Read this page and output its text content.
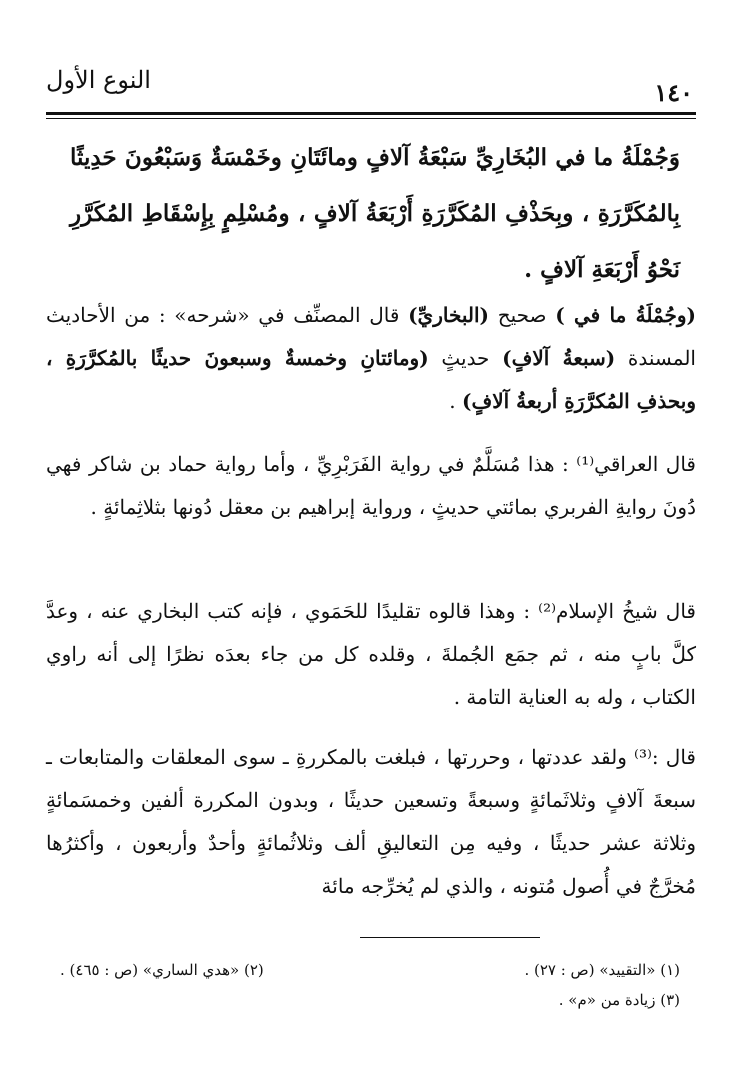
١٤٠
النوع الأول
وَجُمْلَةُ ما في البُخَارِيِّ سَبْعَةُ آلافٍ ومائَتَانِ وخَمْسَةٌ وَسَبْعُونَ حَدِيثًا بِالمُكَرَّرَةِ ، وبِحَذْفِ المُكَرَّرَةِ أَرْبَعَةُ آلافٍ ، ومُسْلِمٍ بِإِسْقَاطِ المُكَرَّرِ نَحْوُ أَرْبَعَةِ آلافٍ .
(وجُمْلَةُ ما في ) صحيح (البخاريِّ) قال المصنِّف في «شرحه» : من الأحاديث المسندة (سبعةُ آلافٍ) حديثٍ (ومائتانِ وخمسةٌ وسبعونَ حديثًا بالمُكرَّرَةِ ، وبحذفِ المُكرَّرَةِ أربعةُ آلافٍ) .
قال العراقي⁽¹⁾ : هذا مُسَلَّمٌ في رواية الفَرَبْرِيِّ ، وأما رواية حماد بن شاكر فهي دُونَ روايةِ الفربري بمائتي حديثٍ ، ورواية إبراهيم بن معقل دُونها بثلاثِمائةٍ .
قال شيخُ الإسلام⁽²⁾ : وهذا قالوه تقليدًا للحَمَوي ، فإنه كتب البخاري عنه ، وعدَّ كلَّ بابٍ منه ، ثم جمَع الجُملةَ ، وقلده كل من جاء بعدَه نظرًا إلى أنه راوي الكتاب ، وله به العناية التامة .
قال :⁽³⁾ ولقد عددتها ، وحررتها ، فبلغت بالمكررةِ ـ سوى المعلقات والمتابعات ـ سبعةَ آلافٍ وثلاثَمائةٍ وسبعةً وتسعين حديثًا ، وبدون المكررة ألفين وخمسَمائةٍ وثلاثة عشر حديثًا ، وفيه مِن التعاليقِ ألف وثلاثُمائةٍ وأحدٌ وأربعون ، وأكثرُها مُخرَّجٌ في أُصول مُتونه ، والذي لم يُخرِّجه مائة
(١) «التقييد» (ص : ٢٧) .
(٢) «هدي الساري» (ص : ٤٦٥) .
(٣) زيادة من «م» .
